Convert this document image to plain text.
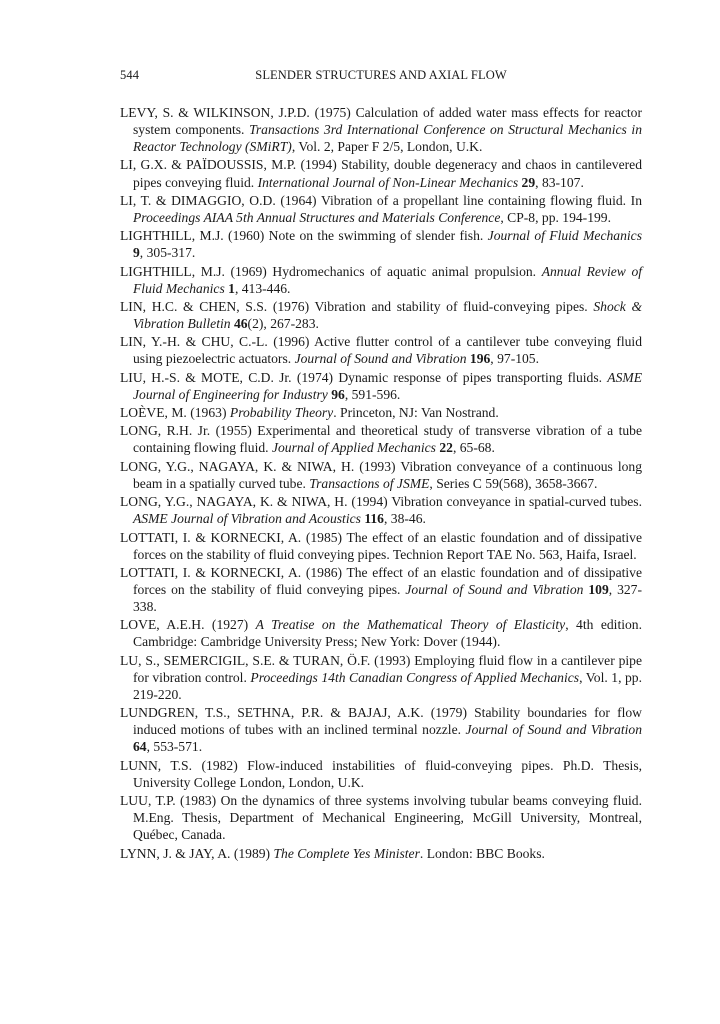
544	SLENDER STRUCTURES AND AXIAL FLOW

LEVY, S. & WILKINSON, J.P.D. (1975) Calculation of added water mass effects for reactor system components. Transactions 3rd International Conference on Structural Mechanics in Reactor Technology (SMiRT), Vol. 2, Paper F 2/5, London, U.K.

LI, G.X. & PAÏDOUSSIS, M.P. (1994) Stability, double degeneracy and chaos in cantilevered pipes conveying fluid. International Journal of Non-Linear Mechanics 29, 83-107.

LI, T. & DIMAGGIO, O.D. (1964) Vibration of a propellant line containing flowing fluid. In Proceedings AIAA 5th Annual Structures and Materials Conference, CP-8, pp. 194-199.

LIGHTHILL, M.J. (1960) Note on the swimming of slender fish. Journal of Fluid Mechanics 9, 305-317.

LIGHTHILL, M.J. (1969) Hydromechanics of aquatic animal propulsion. Annual Review of Fluid Mechanics 1, 413-446.

LIN, H.C. & CHEN, S.S. (1976) Vibration and stability of fluid-conveying pipes. Shock & Vibration Bulletin 46(2), 267-283.

LIN, Y.-H. & CHU, C.-L. (1996) Active flutter control of a cantilever tube conveying fluid using piezoelectric actuators. Journal of Sound and Vibration 196, 97-105.

LIU, H.-S. & MOTE, C.D. Jr. (1974) Dynamic response of pipes transporting fluids. ASME Journal of Engineering for Industry 96, 591-596.

LOÈVE, M. (1963) Probability Theory. Princeton, NJ: Van Nostrand.

LONG, R.H. Jr. (1955) Experimental and theoretical study of transverse vibration of a tube containing flowing fluid. Journal of Applied Mechanics 22, 65-68.

LONG, Y.G., NAGAYA, K. & NIWA, H. (1993) Vibration conveyance of a continuous long beam in a spatially curved tube. Transactions of JSME, Series C 59(568), 3658-3667.

LONG, Y.G., NAGAYA, K. & NIWA, H. (1994) Vibration conveyance in spatial-curved tubes. ASME Journal of Vibration and Acoustics 116, 38-46.

LOTTATI, I. & KORNECKI, A. (1985) The effect of an elastic foundation and of dissipative forces on the stability of fluid conveying pipes. Technion Report TAE No. 563, Haifa, Israel.

LOTTATI, I. & KORNECKI, A. (1986) The effect of an elastic foundation and of dissipative forces on the stability of fluid conveying pipes. Journal of Sound and Vibration 109, 327-338.

LOVE, A.E.H. (1927) A Treatise on the Mathematical Theory of Elasticity, 4th edition. Cambridge: Cambridge University Press; New York: Dover (1944).

LU, S., SEMERCIGIL, S.E. & TURAN, Ö.F. (1993) Employing fluid flow in a cantilever pipe for vibration control. Proceedings 14th Canadian Congress of Applied Mechanics, Vol. 1, pp. 219-220.

LUNDGREN, T.S., SETHNA, P.R. & BAJAJ, A.K. (1979) Stability boundaries for flow induced motions of tubes with an inclined terminal nozzle. Journal of Sound and Vibration 64, 553-571.

LUNN, T.S. (1982) Flow-induced instabilities of fluid-conveying pipes. Ph.D. Thesis, University College London, London, U.K.

LUU, T.P. (1983) On the dynamics of three systems involving tubular beams conveying fluid. M.Eng. Thesis, Department of Mechanical Engineering, McGill University, Montreal, Québec, Canada.

LYNN, J. & JAY, A. (1989) The Complete Yes Minister. London: BBC Books.
